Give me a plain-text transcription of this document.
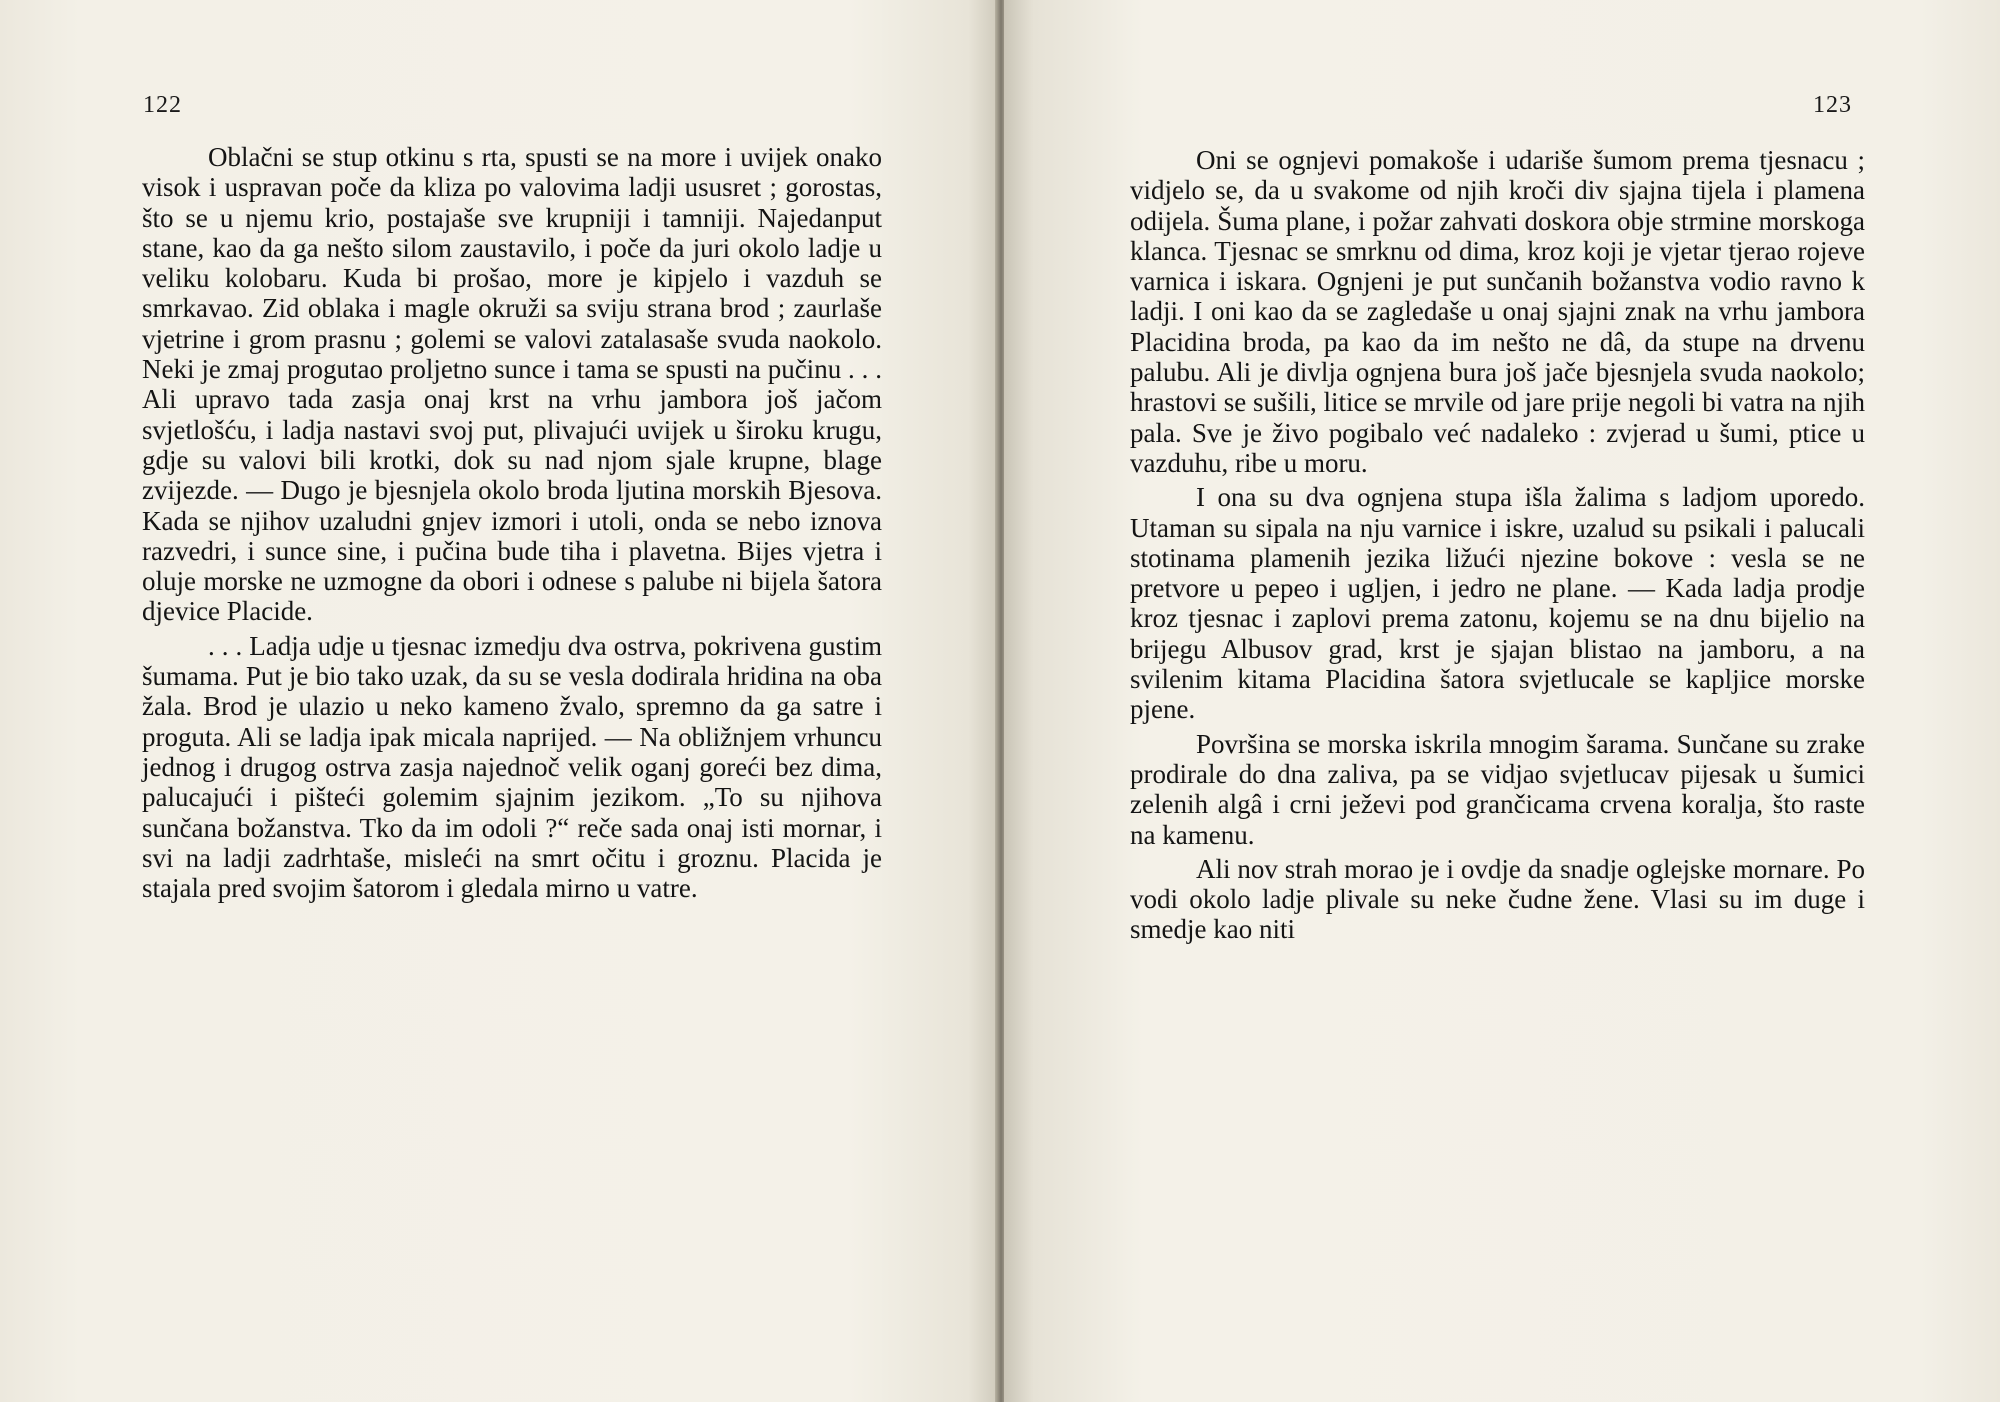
122

Oblačni se stup otkinu s rta, spusti se na more i uvijek onako visok i uspravan poče da kliza po valovima ladji ususret ; gorostas, što se u njemu krio, postajaše sve krupniji i tamniji. Najedanput stane, kao da ga nešto silom zaustavilo, i poče da juri okolo ladje u veliku kolobaru. Kuda bi prošao, more je kipjelo i vazduh se smrkavao. Zid oblaka i magle okruži sa sviju strana brod ; zaurlaše vjetrine i grom prasnu ; golemi se valovi zatalasaše svuda naokolo. Neki je zmaj progutao proljetno sunce i tama se spusti na pučinu . . . Ali upravo tada zasja onaj krst na vrhu jambora još jačom svjetlošću, i ladja nastavi svoj put, plivajući uvijek u široku krugu, gdje su valovi bili krotki, dok su nad njom sjale krupne, blage zvijezde. — Dugo je bjesnjela okolo broda ljutina morskih Bjesova. Kada se njihov uzaludni gnjev izmori i utoli, onda se nebo iznova razvedri, i sunce sine, i pučina bude tiha i plavetna. Bijes vjetra i oluje morske ne uzmogne da obori i odnese s palube ni bijela šatora djevice Placide.

. . . Ladja udje u tjesnac izmedju dva ostrva, pokrivena gustim šumama. Put je bio tako uzak, da su se vesla dodirala hridina na oba žala. Brod je ulazio u neko kameno žvalo, spremno da ga satre i proguta. Ali se ladja ipak micala naprijed. — Na obližnjem vrhuncu jednog i drugog ostrva zasja najednoč velik oganj goreći bez dima, palucajući i pišteći golemim sjajnim jezikom. „To su njihova sunčana božanstva. Tko da im odoli ?“ reče sada onaj isti mornar, i svi na ladji zadrhtaše, misleći na smrt očitu i groznu. Placida je stajala pred svojim šatorom i gledala mirno u vatre.

123

Oni se ognjevi pomakoše i udariše šumom prema tjesnacu ; vidjelo se, da u svakome od njih kroči div sjajna tijela i plamena odijela. Šuma plane, i požar zahvati doskora obje strmine morskoga klanca. Tjesnac se smrknu od dima, kroz koji je vjetar tjerao rojeve varnica i iskara. Ognjeni je put sunčanih božanstva vodio ravno k ladji. I oni kao da se zagledaše u onaj sjajni znak na vrhu jambora Placidina broda, pa kao da im nešto ne dâ, da stupe na drvenu palubu. Ali je divlja ognjena bura još jače bjesnjela svuda naokolo; hrastovi se sušili, litice se mrvile od jare prije negoli bi vatra na njih pala. Sve je živo pogibalo već nadaleko : zvjerad u šumi, ptice u vazduhu, ribe u moru.

I ona su dva ognjena stupa išla žalima s ladjom uporedo. Utaman su sipala na nju varnice i iskre, uzalud su psikali i palucali stotinama plamenih jezika ližući njezine bokove : vesla se ne pretvore u pepeo i ugljen, i jedro ne plane. — Kada ladja prodje kroz tjesnac i zaplovi prema zatonu, kojemu se na dnu bijelio na brijegu Albusov grad, krst je sjajan blistao na jamboru, a na svilenim kitama Placidina šatora svjetlucale se kapljice morske pjene.

Površina se morska iskrila mnogim šarama. Sunčane su zrake prodirale do dna zaliva, pa se vidjao svjetlucav pijesak u šumici zelenih algâ i crni ježevi pod grančicama crvena koralja, što raste na kamenu.

Ali nov strah morao je i ovdje da snadje oglejske mornare. Po vodi okolo ladje plivale su neke čudne žene. Vlasi su im duge i smedje kao niti
